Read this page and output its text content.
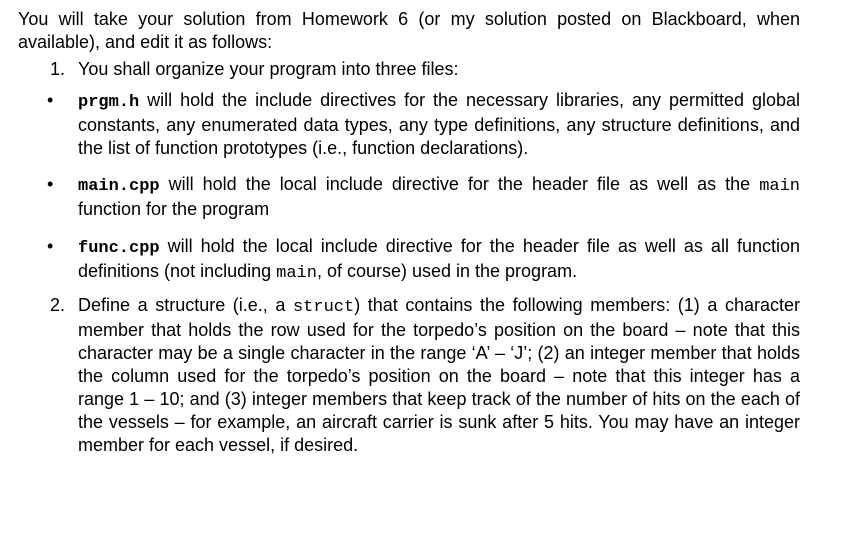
You will take your solution from Homework 6 (or my solution posted on Blackboard, when available), and edit it as follows:

1. You shall organize your program into three files:
• prgm.h will hold the include directives for the necessary libraries, any permitted global constants, any enumerated data types, any type definitions, any structure definitions, and the list of function prototypes (i.e., function declarations).
• main.cpp will hold the local include directive for the header file as well as the main function for the program
• func.cpp will hold the local include directive for the header file as well as all function definitions (not including main, of course) used in the program.
2. Define a structure (i.e., a struct) that contains the following members: (1) a character member that holds the row used for the torpedo’s position on the board – note that this character may be a single character in the range ‘A’ – ‘J’; (2) an integer member that holds the column used for the torpedo’s position on the board – note that this integer has a range 1 – 10; and (3) integer members that keep track of the number of hits on the each of the vessels – for example, an aircraft carrier is sunk after 5 hits. You may have an integer member for each vessel, if desired.
